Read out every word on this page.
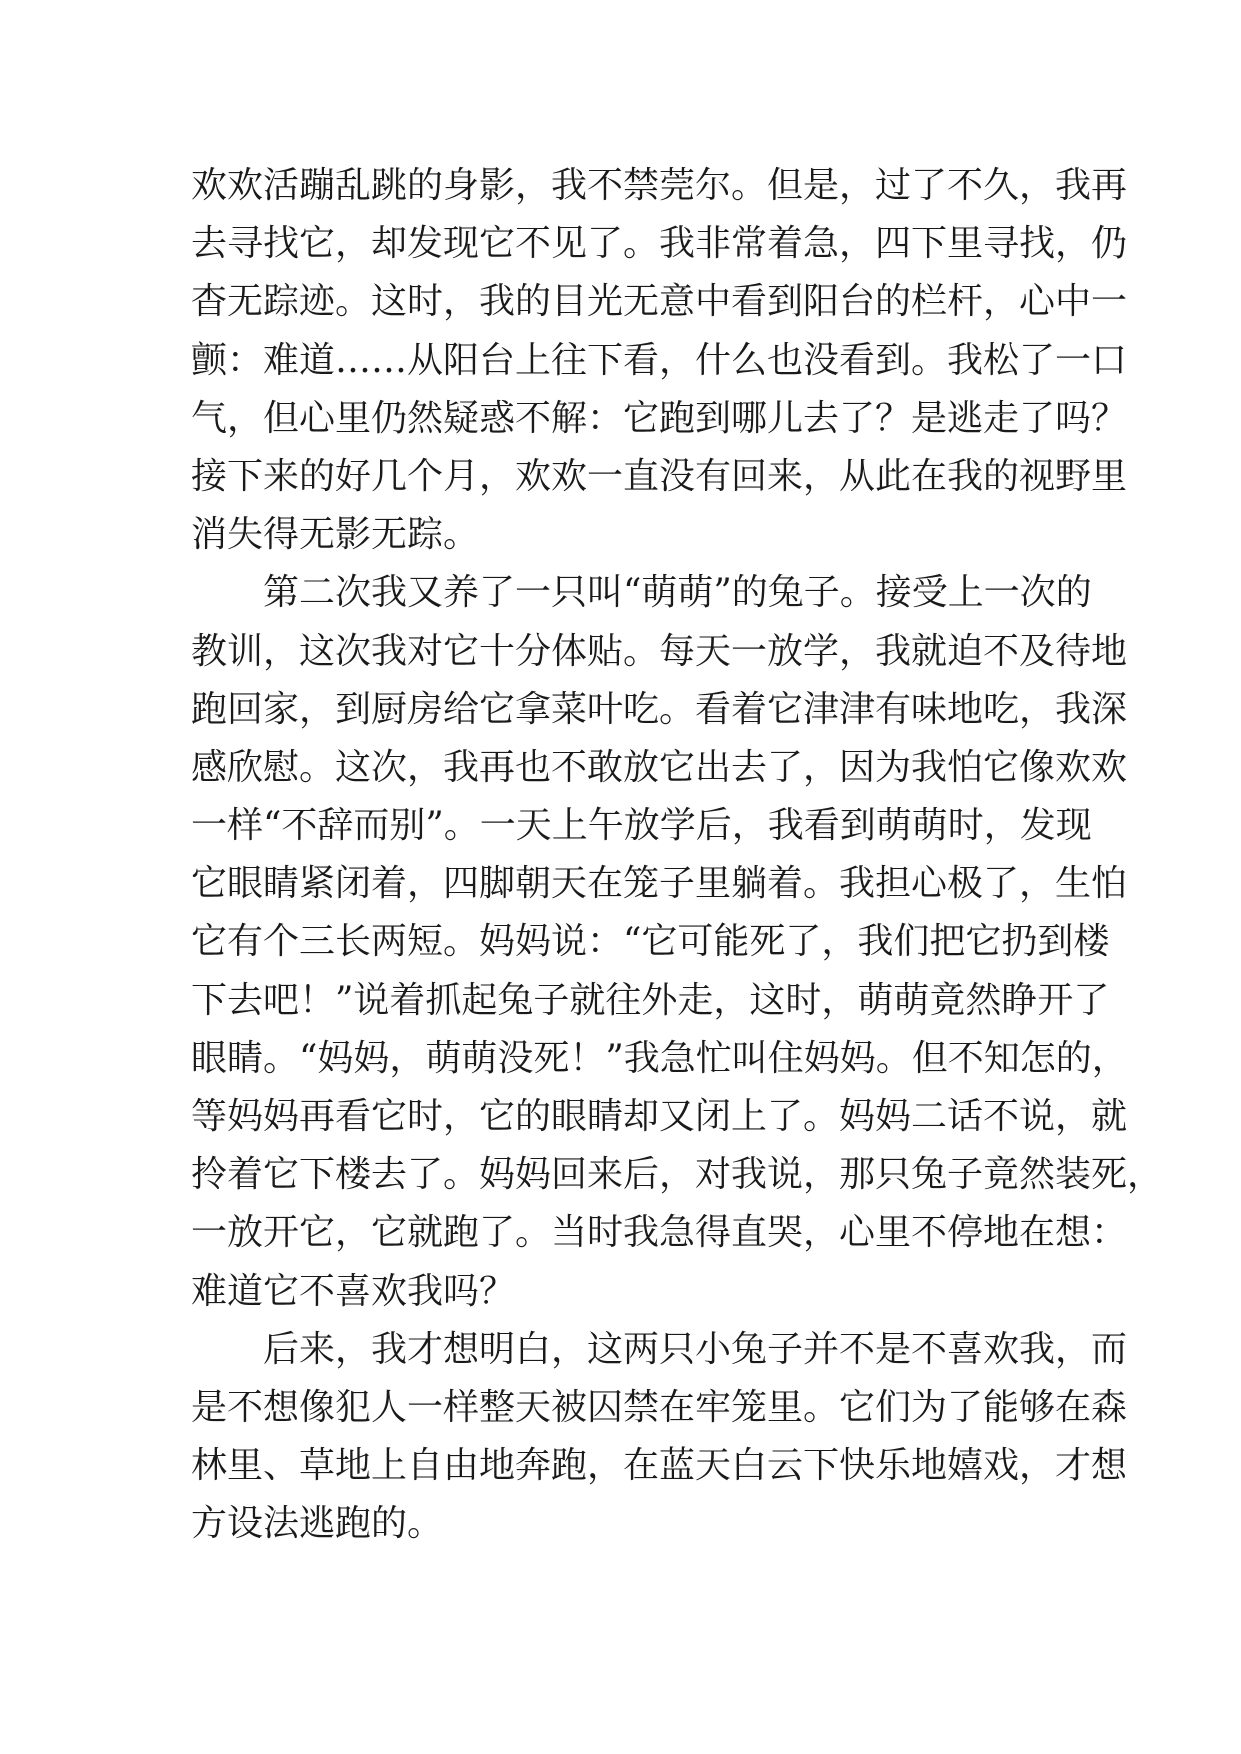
欢欢活蹦乱跳的身影，我不禁莞尔。但是，过了不久，我再
去寻找它，却发现它不见了。我非常着急，四下里寻找，仍
杳无踪迹。这时，我的目光无意中看到阳台的栏杆，心中一
颤：难道……从阳台上往下看，什么也没看到。我松了一口
气，但心里仍然疑惑不解：它跑到哪儿去了？是逃走了吗？
接下来的好几个月，欢欢一直没有回来，从此在我的视野里
消失得无影无踪。
第二次我又养了一只叫“萌萌”的兔子。接受上一次的
教训，这次我对它十分体贴。每天一放学，我就迫不及待地
跑回家，到厨房给它拿菜叶吃。看着它津津有味地吃，我深
感欣慰。这次，我再也不敢放它出去了，因为我怕它像欢欢
一样“不辞而别”。一天上午放学后，我看到萌萌时，发现
它眼睛紧闭着，四脚朝天在笼子里躺着。我担心极了，生怕
它有个三长两短。妈妈说：“它可能死了，我们把它扔到楼
下去吧！”说着抓起兔子就往外走，这时，萌萌竟然睁开了
眼睛。“妈妈，萌萌没死！”我急忙叫住妈妈。但不知怎的，
等妈妈再看它时，它的眼睛却又闭上了。妈妈二话不说，就
拎着它下楼去了。妈妈回来后，对我说，那只兔子竟然装死，
一放开它，它就跑了。当时我急得直哭，心里不停地在想：
难道它不喜欢我吗？
后来，我才想明白，这两只小兔子并不是不喜欢我，而
是不想像犯人一样整天被囚禁在牢笼里。它们为了能够在森
林里、草地上自由地奔跑，在蓝天白云下快乐地嬉戏，才想
方设法逃跑的。
